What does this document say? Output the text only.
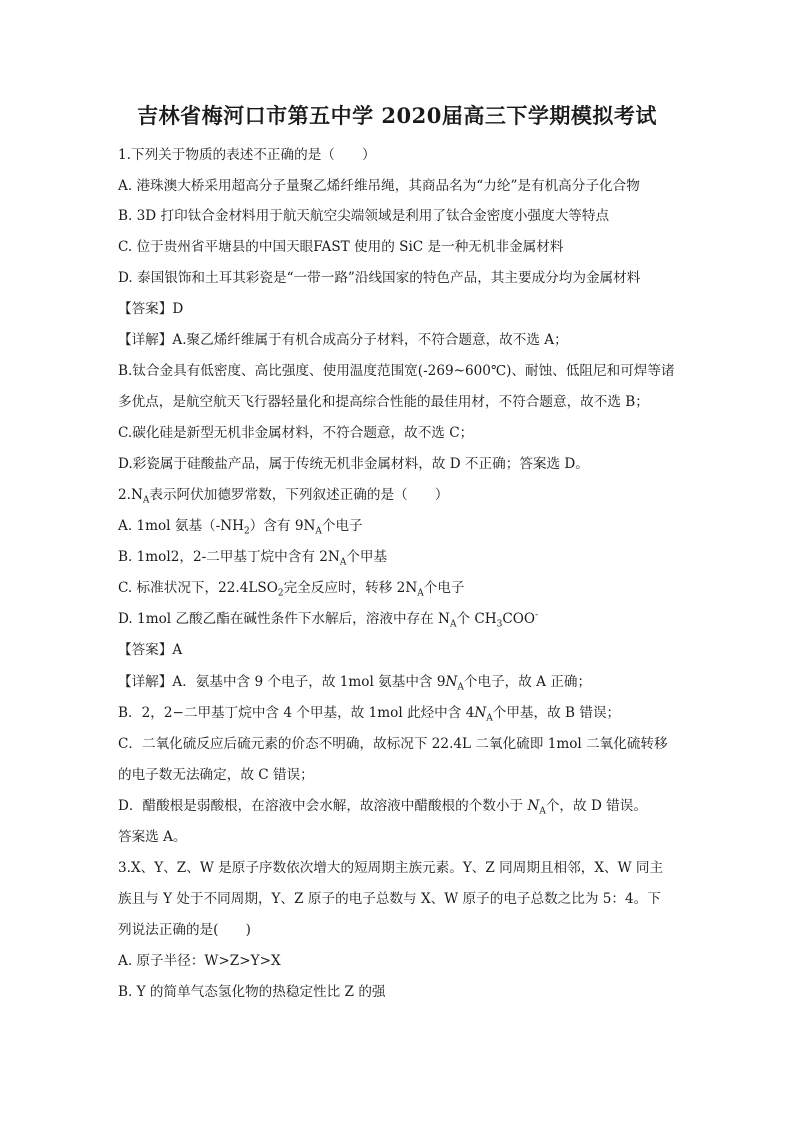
吉林省梅河口市第五中学 2020届高三下学期模拟考试
1.下列关于物质的表述不正确的是（　　）
A. 港珠澳大桥采用超高分子量聚乙烯纤维吊绳，其商品名为“力纶”是有机高分子化合物
B. 3D 打印钛合金材料用于航天航空尖端领域是利用了钛合金密度小强度大等特点
C. 位于贵州省平塘县的中国天眼FAST 使用的 SiC 是一种无机非金属材料
D. 泰国银饰和土耳其彩瓷是“一带一路”沿线国家的特色产品，其主要成分均为金属材料
【答案】D
【详解】A.聚乙烯纤维属于有机合成高分子材料，不符合题意，故不选 A；
B.钛合金具有低密度、高比强度、使用温度范围宽(-269~600℃)、耐蚀、低阻尼和可焊等诸
多优点，是航空航天飞行器轻量化和提高综合性能的最佳用材，不符合题意，故不选 B；
C.碳化硅是新型无机非金属材料，不符合题意，故不选 C；
D.彩瓷属于硅酸盐产品，属于传统无机非金属材料，故 D 不正确；答案选 D。
$2.N_A$表示阿伏加德罗常数，下列叙述正确的是（　　）
A. 1mol 氨基$(-NH_2)$含有 $9N_A$个电子
B. 1mol2，2-二甲基丁烷中含有 $2N_A$个甲基
C. 标准状况下，$22.4LSO_2$完全反应时，转移 $2N_A$个电子
D. 1mol 乙酸乙酯在碱性条件下水解后，溶液中存在 $N_A$个 $CH_3COO^-$
【答案】A
【详解】A．氨基中含 9 个电子，故 1mol 氨基中含 $9N_A$个电子，故 A 正确；
B．2，2−二甲基丁烷中含 4 个甲基，故 1mol 此烃中含 $4N_A$个甲基，故 B 错误；
C．二氧化硫反应后硫元素的价态不明确，故标况下 22.4L 二氧化硫即 1mol 二氧化硫转移
的电子数无法确定，故 C 错误；
D．醋酸根是弱酸根，在溶液中会水解，故溶液中醋酸根的个数小于 $N_A$个，故 D 错误。
答案选 A。
3.X、Y、Z、W 是原子序数依次增大的短周期主族元素。Y、Z 同周期且相邻，X、W 同主
族且与 Y 处于不同周期，Y、Z 原子的电子总数与 X、W 原子的电子总数之比为 5：4。下
列说法正确的是(　　)
A. 原子半径：W>Z>Y>X
B. Y 的简单气态氢化物的热稳定性比 Z 的强
